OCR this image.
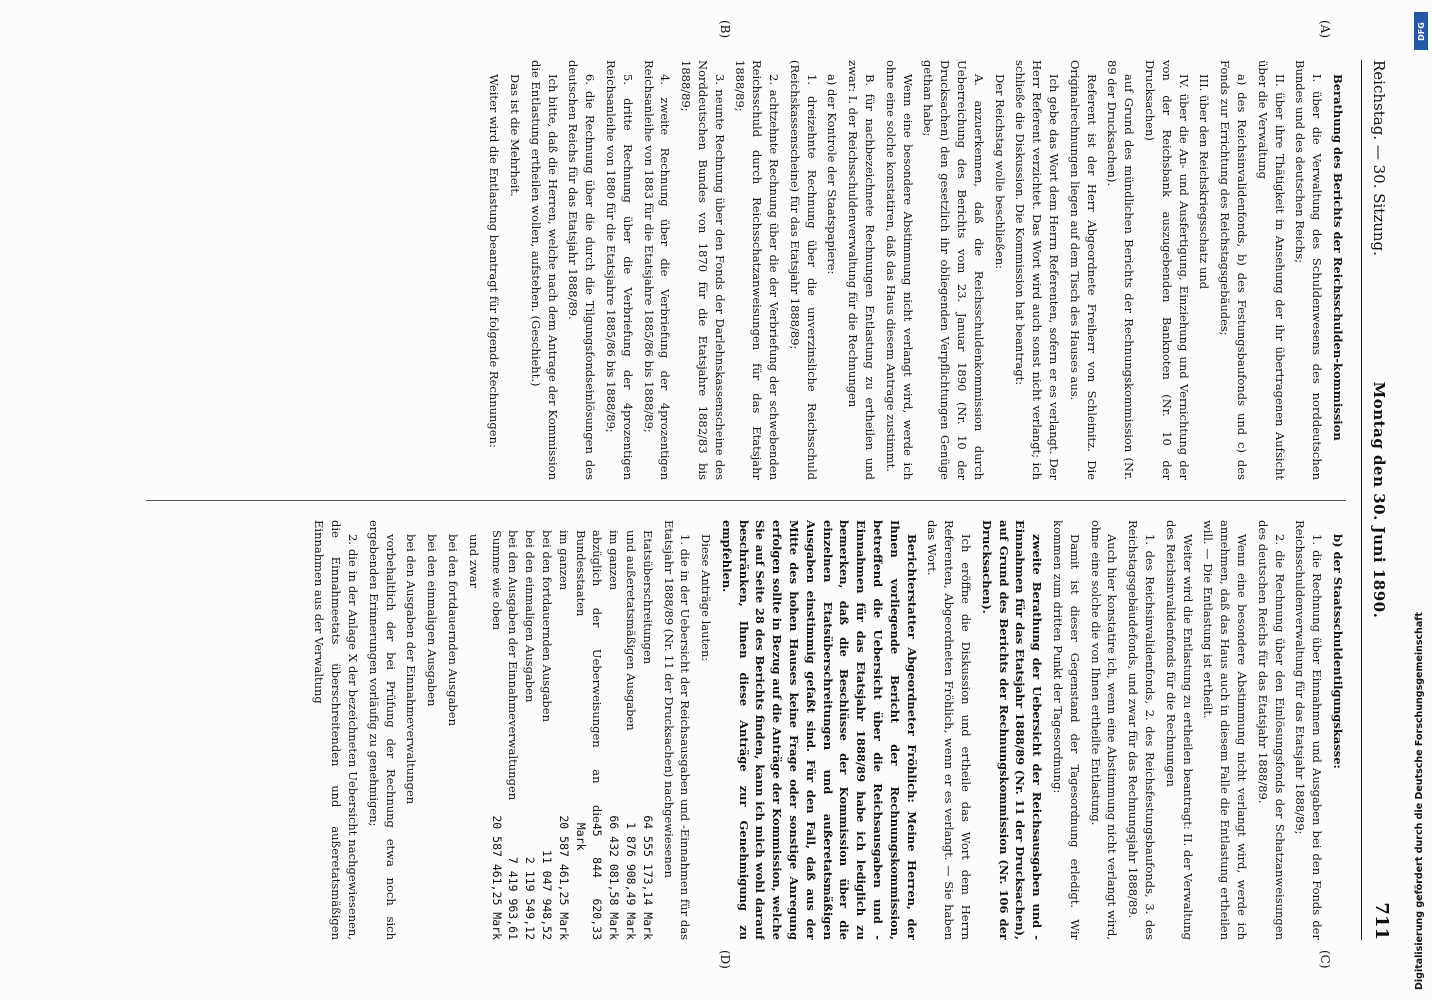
Reichstag. — 30. Sitzung.
Montag den 30. Juni 1890.
711

Berathung des Berichts der Reichsschulden-kommission

I. über die Verwaltung des Schuldenwesens des norddeutschen Bundes und des deutschen Reichs;

II. über ihre Thätigkeit in Ansehung der ihr übertragenen Aufsicht über die Verwaltung

a) des Reichsinvalidenfonds, b) des Festungsbaufonds und c) des Fonds zur Errichtung des Reichstagsgebäudes;

III. über den Reichskriegsschatz und

IV. über die An- und Ausfertigung, Einziehung und Vernichtung der von der Reichsbank auszugebenden Banknoten (Nr. 10 der Drucksachen)

auf Grund des mündlichen Berichts der Rechnungskommission (Nr. 89 der Drucksachen).

Referent ist der Herr Abgeordnete Freiherr von Schleinitz. Die Originalrechnungen liegen auf dem Tisch des Hauses aus.

Ich gebe das Wort dem Herrn Referenten, sofern er es verlangt. Der Herr Referent verzichtet. Das Wort wird auch sonst nicht verlangt; ich schließe die Diskussion. Die Kommission hat beantragt:

Der Reichstag wolle beschließen:

A. anzuerkennen, daß die Reichsschuldenkommission durch Ueberreichung des Berichts vom 23. Januar 1890 (Nr. 10 der Drucksachen) den gesetzlich ihr obliegenden Verpflichtungen Genüge gethan habe;

Wenn eine besondere Abstimmung nicht verlangt wird, werde ich ohne eine solche konstatiren, daß das Haus diesem Antrage zustimmt.

B. für nachbezeichnete Rechnungen Entlastung zu ertheilen und zwar: I. der Reichsschuldenverwaltung für die Rechnungen

a) der Kontrole der Staatspapiere:

1. dreizehnte Rechnung über die unverzinsliche Reichsschuld (Reichskassenscheine) für das Etatsjahr 1888/89;

2. achtzehnte Rechnung über die der Verbriefung der schwebenden Reichsschuld durch Reichsschatzanweisungen für das Etatsjahr 1888/89;

3. neunte Rechnung über den Fonds der Darlehnskassenscheine des Norddeutschen Bundes von 1870 für die Etatsjahre 1882/83 bis 1888/89;

4. zweite Rechnung über die Verbriefung der 4prozentigen Reichsanleihe von 1883 für die Etatsjahre 1885/86 bis 1888/89;

5. dritte Rechnung über die Verbriefung der 4prozentigen Reichsanleihe von 1880 für die Etatsjahre 1885/86 bis 1888/89;

6. die Rechnung über die durch die Tilgungsfondseinlösungen des deutschen Reichs für das Etatsjahr 1888/89.

Ich bitte, daß die Herren, welche nach dem Antrage der Kommission die Entlastung ertheilen wollen, aufstehen. (Geschieht.)

Das ist die Mehrheit.

Weiter wird die Entlastung beantragt für folgende Rechnungen:

b) der Staatsschuldentilgungskasse:

1. die Rechnung über Einnahmen und Ausgaben bei den Fonds der Reichsschuldenverwaltung für das Etatsjahr 1888/89;

2. die Rechnung über den Einlösungsfonds der Schatzanweisungen des deutschen Reichs für das Etatsjahr 1888/89.

Wenn eine besondere Abstimmung nicht verlangt wird, werde ich annehmen, daß das Haus auch in diesem Falle die Entlastung ertheilen will. — Die Entlastung ist ertheilt.

Weiter wird die Entlastung zu ertheilen beantragt: II. der Verwaltung des Reichsinvalidenfonds für die Rechnungen

1. des Reichsinvalidenfonds, 2. des Reichsfestungsbaufonds, 3. des Reichstagsgebäudefonds, und zwar für das Rechnungsjahr 1888/89.

Auch hier konstatire ich, wenn eine Abstimmung nicht verlangt wird, ohne eine solche die von Ihnen ertheilte Entlastung.

Damit ist dieser Gegenstand der Tagesordnung erledigt. Wir kommen zum dritten Punkt der Tagesordnung:

zweite Berathung der Uebersicht der Reichsausgaben und -Einnahmen für das Etatsjahr 1888/89 (Nr. 11 der Drucksachen), auf Grund des Berichts der Rechnungskommission (Nr. 106 der Drucksachen).

Ich eröffne die Diskussion und ertheile das Wort dem Herrn Referenten, Abgeordneten Fröhlich, wenn er es verlangt. — Sie haben das Wort.

Berichterstatter Abgeordneter Fröhlich: Meine Herren, der Ihnen vorliegende Bericht der Rechnungskommission, betreffend die Uebersicht über die Reichsausgaben und -Einnahmen für das Etatsjahr 1888/89 habe ich lediglich zu bemerken, daß die Beschlüsse der Kommission über die einzelnen Etatsüberschreitungen und außeretatsmäßigen Ausgaben einstimmig gefaßt sind. Für den Fall, daß aus der Mitte des hohen Hauses keine Frage oder sonstige Anregung erfolgen sollte in Bezug auf die Anträge der Kommission, welche Sie auf Seite 28 des Berichts finden, kann ich mich wohl darauf beschränken, Ihnen diese Anträge zur Genehmigung zu empfehlen.

Diese Anträge lauten:

1. die in der Uebersicht der Reichsausgaben und -Einnahmen für das Etatsjahr 1888/89 (Nr. 11 der Drucksachen) nachgewiesenen

Etatsüberschreitungen
64 555 173,14 Mark
und außeretatsmäßigen Ausgaben
1 876 908,49 Mark
im ganzen
66 432 081,58 Mark
abzüglich der Ueberweisungen an die Bundesstaaten
45 844 620,33 Mark
im ganzen
20 587 461,25 Mark
bei den fortdauernden Ausgaben
11 047 948,52
bei den einmaligen Ausgaben
2 119 549,12
bei den Ausgaben der Einnahmeverwaltungen
7 419 963,61
Summe wie oben
20 587 461,25 Mark

und zwar

bei den fortdauernden Ausgaben

bei den einmaligen Ausgaben

bei den Ausgaben der Einnahmeverwaltungen

vorbehaltlich der bei Prüfung der Rechnung etwa noch sich ergebenden Erinnerungen vorläufig zu genehmigen;

2. die in der Anlage X der bezeichneten Uebersicht nachgewiesenen, die Einnahmeetats überschreitenden und außeretatsmäßigen Einnahmen aus der Verwaltung

(A)
(B)
(C)
(D)
DFG
Digitalisierung gefördert durch die Deutsche Forschungsgemeinschaft
